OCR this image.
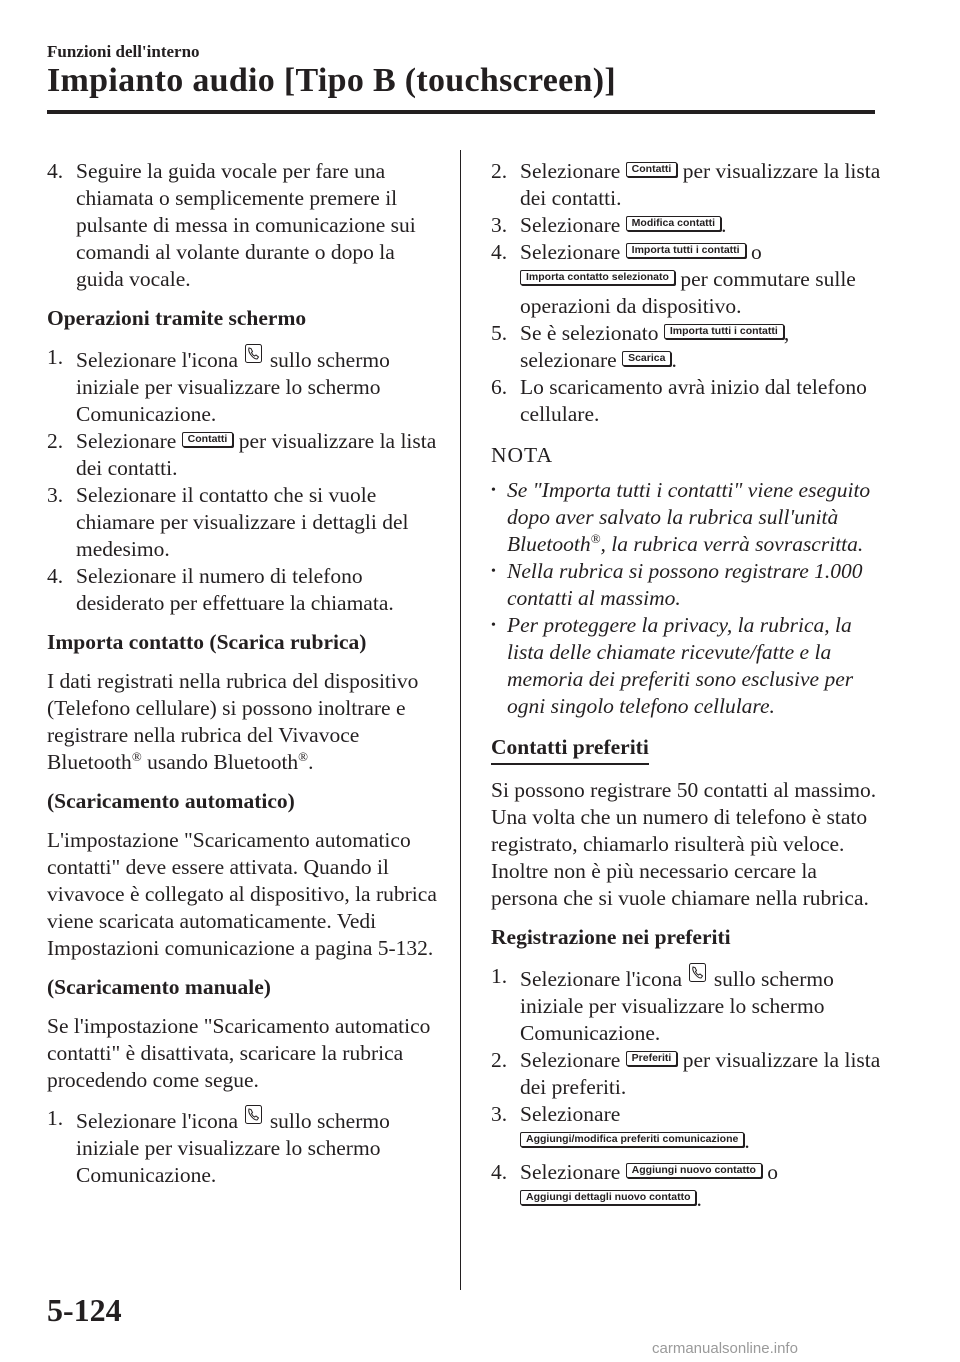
Funzioni dell'interno
Impianto audio [Tipo B (touchscreen)]
4. Seguire la guida vocale per fare una chiamata o semplicemente premere il pulsante di messa in comunicazione sui comandi al volante durante o dopo la guida vocale.

Operazioni tramite schermo

1. Selezionare l'icona sullo schermo iniziale per visualizzare lo schermo Comunicazione.
2. Selezionare Contatti per visualizzare la lista dei contatti.
3. Selezionare il contatto che si vuole chiamare per visualizzare i dettagli del medesimo.
4. Selezionare il numero di telefono desiderato per effettuare la chiamata.

Importa contatto (Scarica rubrica)

I dati registrati nella rubrica del dispositivo (Telefono cellulare) si possono inoltrare e registrare nella rubrica del Vivavoce Bluetooth® usando Bluetooth®.

(Scaricamento automatico)

L'impostazione "Scaricamento automatico contatti" deve essere attivata. Quando il vivavoce è collegato al dispositivo, la rubrica viene scaricata automaticamente. Vedi Impostazioni comunicazione a pagina 5-132.

(Scaricamento manuale)

Se l'impostazione "Scaricamento automatico contatti" è disattivata, scaricare la rubrica procedendo come segue.

1. Selezionare l'icona sullo schermo iniziale per visualizzare lo schermo Comunicazione.
2. Selezionare Contatti per visualizzare la lista dei contatti.
3. Selezionare Modifica contatti .
4. Selezionare Importa tutti i contatti o Importa contatto selezionato per commutare sulle operazioni da dispositivo.
5. Se è selezionato Importa tutti i contatti , selezionare Scarica .
6. Lo scaricamento avrà inizio dal telefono cellulare.

NOTA

• Se "Importa tutti i contatti" viene eseguito dopo aver salvato la rubrica sull'unità Bluetooth®, la rubrica verrà sovrascritta.
• Nella rubrica si possono registrare 1.000 contatti al massimo.
• Per proteggere la privacy, la rubrica, la lista delle chiamate ricevute/fatte e la memoria dei preferiti sono esclusive per ogni singolo telefono cellulare.

Contatti preferiti

Si possono registrare 50 contatti al massimo. Una volta che un numero di telefono è stato registrato, chiamarlo risulterà più veloce. Inoltre non è più necessario cercare la persona che si vuole chiamare nella rubrica.

Registrazione nei preferiti

1. Selezionare l'icona sullo schermo iniziale per visualizzare lo schermo Comunicazione.
2. Selezionare Preferiti per visualizzare la lista dei preferiti.
3. Selezionare
Aggiungi/modifica preferiti comunicazione .
4. Selezionare Aggiungi nuovo contatto o
Aggiungi dettagli nuovo contatto .
5-124
carmanualsonline.info
